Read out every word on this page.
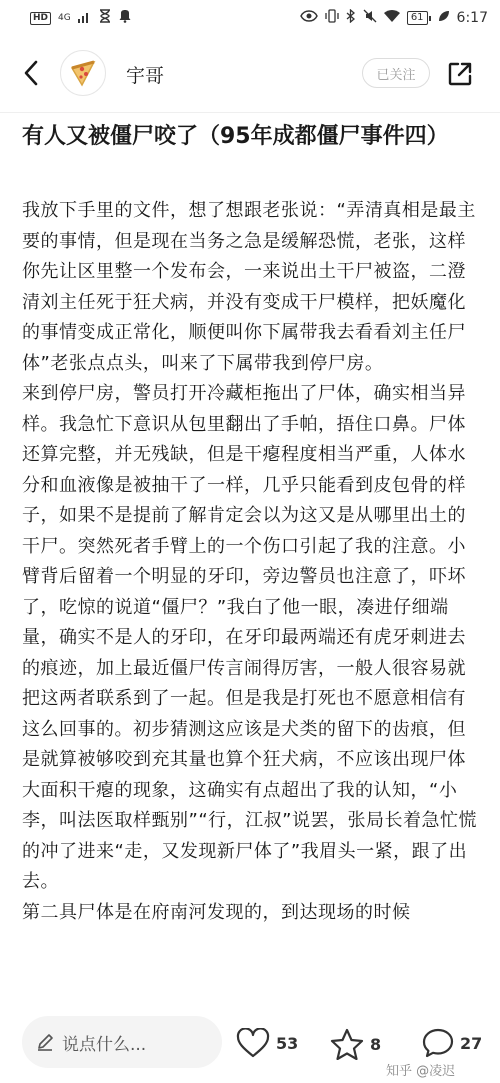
HD	4G	61 6:17
宇哥	已关注
有人又被僵尸咬了（95年成都僵尸事件四）

我放下手里的文件，想了想跟老张说：“弄清真相是最主要的事情，但是现在当务之急是缓解恐慌，老张，这样你先让区里整一个发布会，一来说出土干尸被盗，二澄清刘主任死于狂犬病，并没有变成干尸模样，把妖魔化的事情变成正常化，顺便叫你下属带我去看看刘主任尸体”老张点点头，叫来了下属带我到停尸房。

来到停尸房，警员打开冷藏柜拖出了尸体，确实相当异样。我急忙下意识从包里翻出了手帕，捂住口鼻。尸体还算完整，并无残缺，但是干瘪程度相当严重，人体水分和血液像是被抽干了一样，几乎只能看到皮包骨的样子，如果不是提前了解肯定会以为这又是从哪里出土的干尸。突然死者手臂上的一个伤口引起了我的注意。小臂背后留着一个明显的牙印，旁边警员也注意了，吓坏了，吃惊的说道“僵尸？”我白了他一眼，凑进仔细端量，确实不是人的牙印，在牙印最两端还有虎牙刺进去的痕迹，加上最近僵尸传言闹得厉害，一般人很容易就把这两者联系到了一起。但是我是打死也不愿意相信有这么回事的。初步猜测这应该是犬类的留下的齿痕，但是就算被够咬到充其量也算个狂犬病，不应该出现尸体大面积干瘪的现象，这确实有点超出了我的认知，“小李，叫法医取样甄别”“行，江叔”说罢，张局长着急忙慌的冲了进来“走，又发现新尸体了”我眉头一紧，跟了出去。

第二具尸体是在府南河发现的，到达现场的时候

说点什么...	53	8	27
知乎 @凌迟
